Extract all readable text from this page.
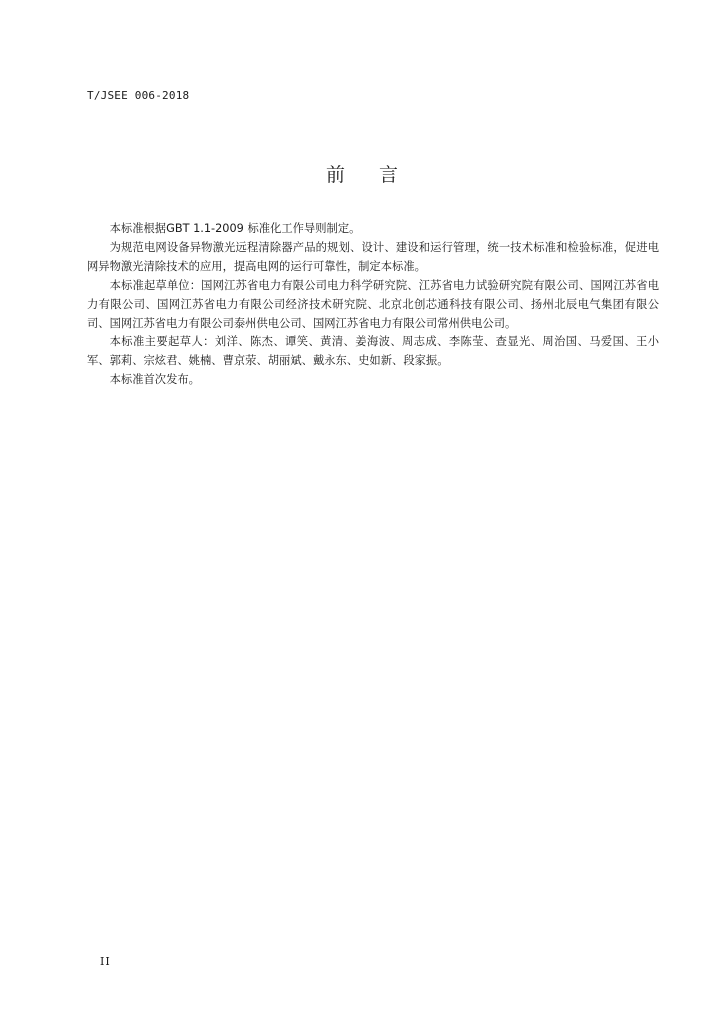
T/JSEE 006-2018
前 言

本标准根据GBT 1.1-2009 标准化工作导则制定。

为规范电网设备异物激光远程清除器产品的规划、设计、建设和运行管理，统一技术标准和检验标准，促进电网异物激光清除技术的应用，提高电网的运行可靠性，制定本标准。

本标准起草单位：国网江苏省电力有限公司电力科学研究院、江苏省电力试验研究院有限公司、国网江苏省电力有限公司、国网江苏省电力有限公司经济技术研究院、北京北创芯通科技有限公司、扬州北辰电气集团有限公司、国网江苏省电力有限公司泰州供电公司、国网江苏省电力有限公司常州供电公司。

本标准主要起草人：刘洋、陈杰、谭笑、黄清、姜海波、周志成、李陈莹、查显光、周治国、马爱国、王小军、郭莉、宗炫君、姚楠、曹京荥、胡丽斌、戴永东、史如新、段家振。

本标准首次发布。

II
